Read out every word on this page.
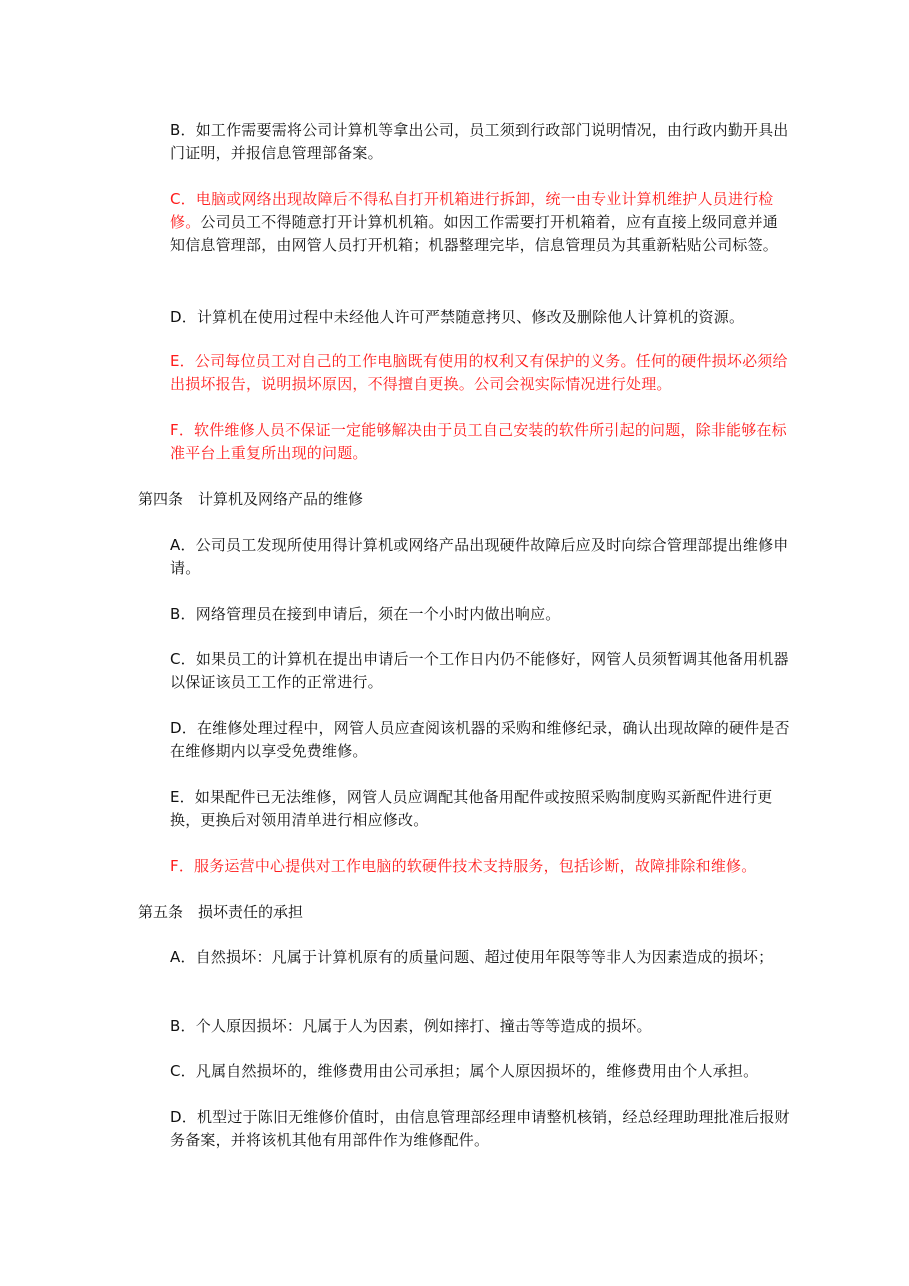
B．如工作需要需将公司计算机等拿出公司，员工须到行政部门说明情况，由行政内勤开具出门证明，并报信息管理部备案。

C．电脑或网络出现故障后不得私自打开机箱进行拆卸，统一由专业计算机维护人员进行检修。公司员工不得随意打开计算机机箱。如因工作需要打开机箱着，应有直接上级同意并通知信息管理部，由网管人员打开机箱；机器整理完毕，信息管理员为其重新粘贴公司标签。

D．计算机在使用过程中未经他人许可严禁随意拷贝、修改及删除他人计算机的资源。

E．公司每位员工对自己的工作电脑既有使用的权利又有保护的义务。任何的硬件损坏必须给出损坏报告，说明损坏原因，不得擅自更换。公司会视实际情况进行处理。

F．软件维修人员不保证一定能够解决由于员工自己安装的软件所引起的问题，除非能够在标准平台上重复所出现的问题。

第四条　计算机及网络产品的维修

A．公司员工发现所使用得计算机或网络产品出现硬件故障后应及时向综合管理部提出维修申请。

B．网络管理员在接到申请后，须在一个小时内做出响应。

C．如果员工的计算机在提出申请后一个工作日内仍不能修好，网管人员须暂调其他备用机器以保证该员工工作的正常进行。

D．在维修处理过程中，网管人员应查阅该机器的采购和维修纪录，确认出现故障的硬件是否在维修期内以享受免费维修。

E．如果配件已无法维修，网管人员应调配其他备用配件或按照采购制度购买新配件进行更换，更换后对领用清单进行相应修改。

F．服务运营中心提供对工作电脑的软硬件技术支持服务，包括诊断，故障排除和维修。

第五条　损坏责任的承担

A．自然损坏：凡属于计算机原有的质量问题、超过使用年限等等非人为因素造成的损坏；

B．个人原因损坏：凡属于人为因素，例如摔打、撞击等等造成的损坏。

C．凡属自然损坏的，维修费用由公司承担；属个人原因损坏的，维修费用由个人承担。

D．机型过于陈旧无维修价值时，由信息管理部经理申请整机核销，经总经理助理批准后报财务备案，并将该机其他有用部件作为维修配件。
